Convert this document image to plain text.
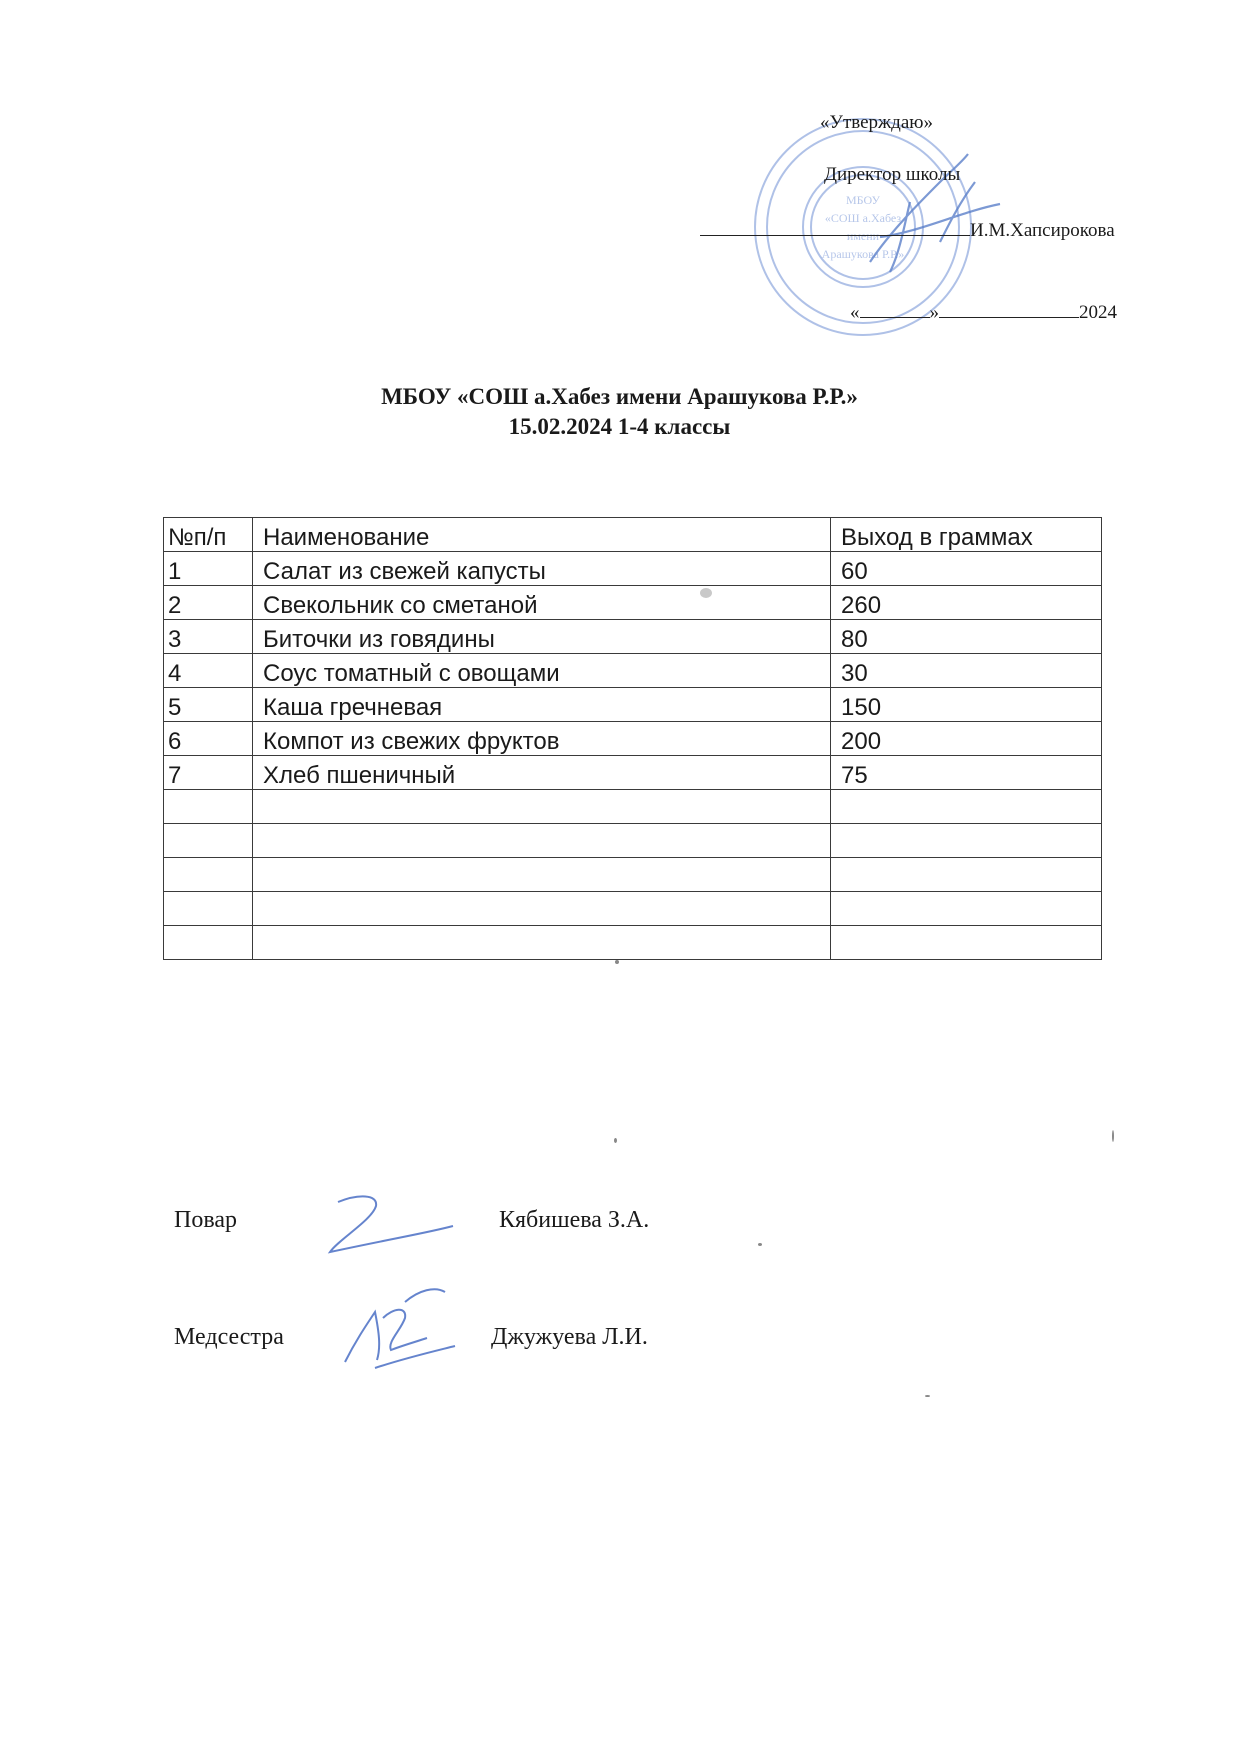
МБОУ
«СОШ а.Хабез
имени
Арашукова Р.Р.»
«Утверждаю»
Директор школы
И.М.Хапсирокова
«	»	2024
МБОУ «СОШ а.Хабез имени Арашукова Р.Р.»
15.02.2024 1-4 классы
№п/п	Наименование	Выход в граммах
1	Салат из свежей капусты	60
2	Свекольник со сметаной	260
3	Биточки из говядины	80
4	Соус томатный с овощами	30
5	Каша гречневая	150
6	Компот из свежих фруктов	200
7	Хлеб пшеничный	75

Повар	Кябишева З.А.
Медсестра	Джужуева Л.И.
